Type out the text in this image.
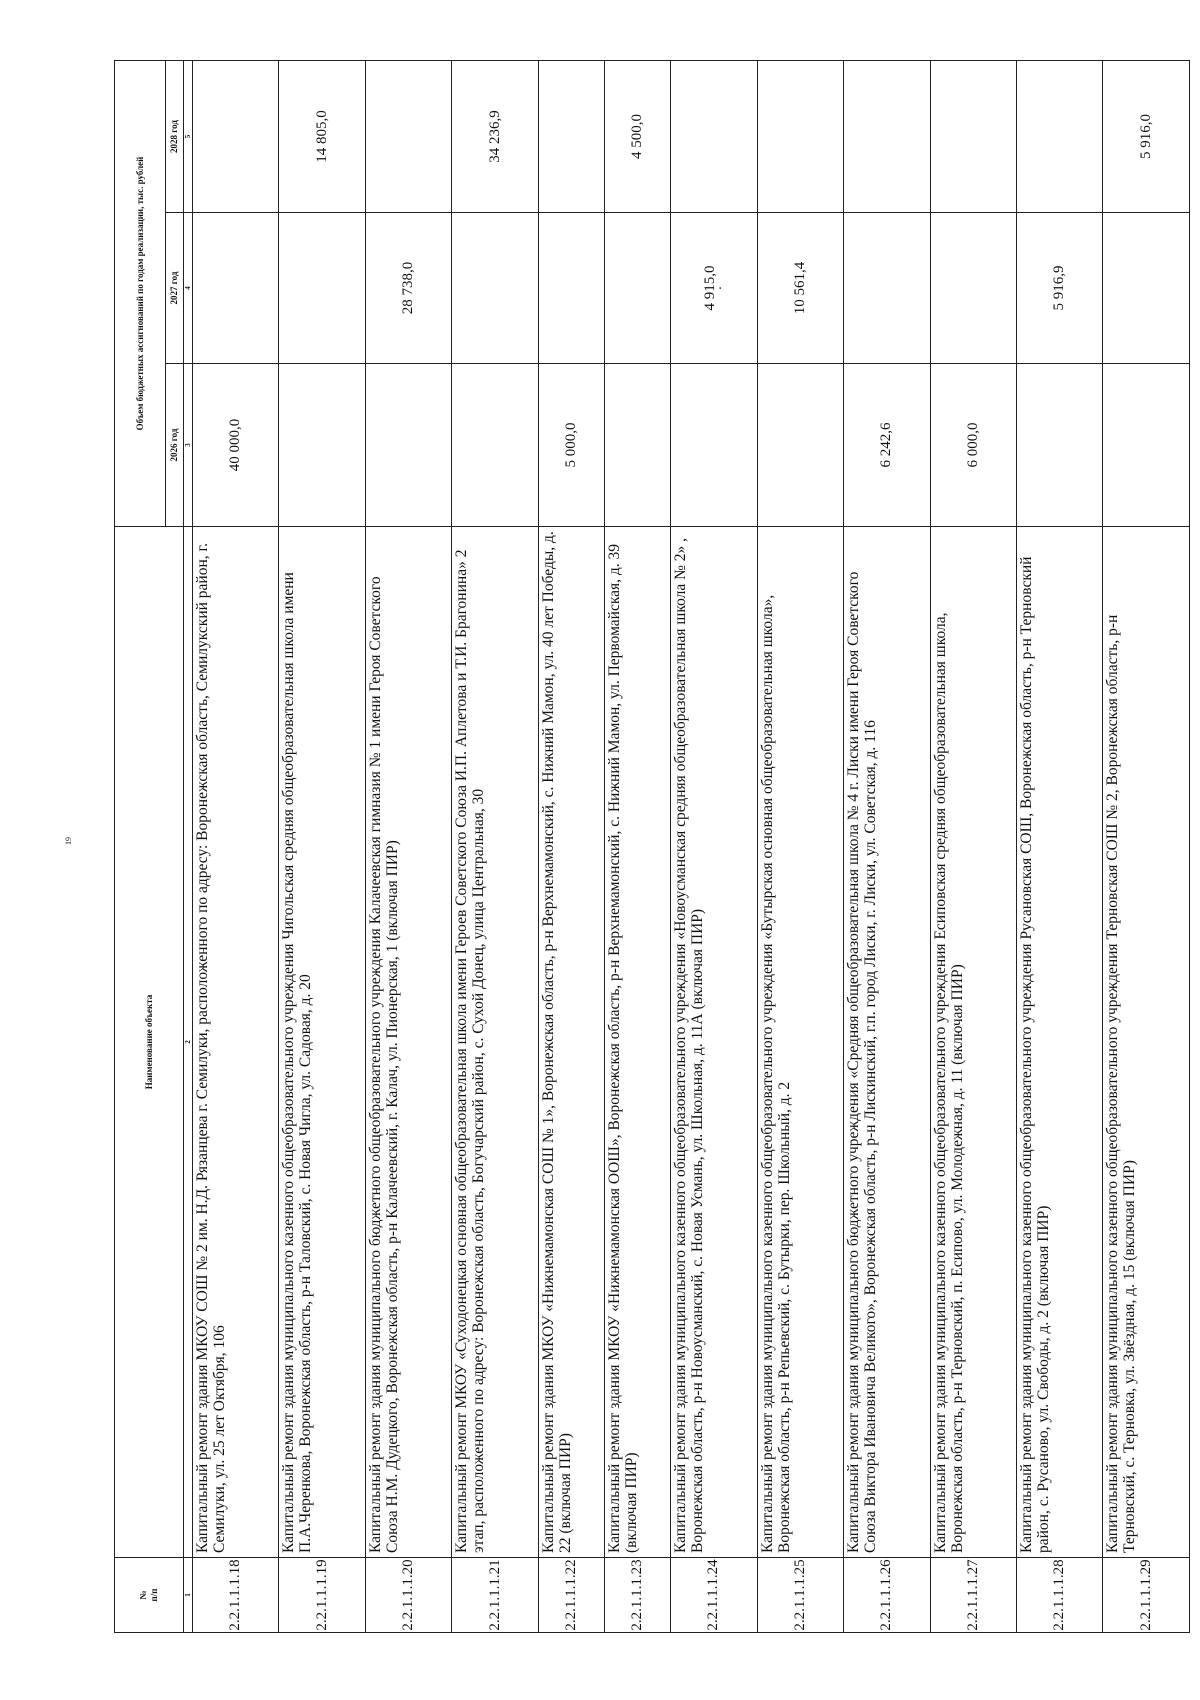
19
№
п/п	Наименование объекта	Объем бюджетных ассигнований по годам реализации, тыс. рублей		
		2026 год	2027 год	2028 год
1	2	3	4	5
2.2.1.1.1.18	Капитальный ремонт здания МКОУ СОШ № 2 им. Н.Д. Рязанцева г. Семилуки, расположенного по адресу: Воронежская область, Семилукский район, г. Семилуки, ул. 25 лет Октября, 106	40 000,0		
2.2.1.1.1.19	Капитальный ремонт здания муниципального казенного общеобразовательного учреждения Чигольская средняя общеобразовательная школа имени П.А.Черенкова, Воронежская область, р-н Таловский, с. Новая Чигла, ул. Садовая, д. 20			14 805,0
2.2.1.1.1.20	Капитальный ремонт здания муниципального бюджетного общеобразовательного учреждения Калачеевская гимназия № 1 имени Героя Советского Союза Н.М. Дудецкого, Воронежская область, р-н Калачеевский, г. Калач, ул. Пионерская, 1 (включая ПИР)		28 738,0	
2.2.1.1.1.21	Капитальный ремонт МКОУ «Суходонецкая основная общеобразовательная школа имени Героев Советского Союза И.П. Аплетова и Т.И. Брагонина» 2 этап, расположенного по адресу: Воронежская область, Богучарский район, с. Сухой Донец, улица Центральная, 30			34 236,9
2.2.1.1.1.22	Капитальный ремонт здания МКОУ «Нижнемамонская СОШ № 1», Воронежская область, р-н Верхнемамонский, с. Нижний Мамон, ул. 40 лет Победы, д. 22 (включая ПИР)	5 000,0		
2.2.1.1.1.23	Капитальный ремонт здания МКОУ «Нижнемамонская ООШ», Воронежская область, р-н Верхнемамонский, с. Нижний Мамон, ул. Первомайская, д. 39 (включая ПИР)			4 500,0
2.2.1.1.1.24	Капитальный ремонт здания муниципального казенного общеобразовательного учреждения «Новоусманская средняя общеобразовательная школа № 2» , Воронежская область, р-н Новоусманский, с. Новая Усмань, ул. Школьная, д. 11А (включая ПИР)		4 915,0
·	

2.2.1.1.1.25	Капитальный ремонт здания муниципального казенного общеобразовательного учреждения «Бутырская основная общеобразовательная школа», Воронежская область, р-н Репьевский, с. Бутырки, пер. Школьный, д. 2		10 561,4	
2.2.1.1.1.26	Капитальный ремонт здания муниципального бюджетного учреждения «Средняя общеобразовательная школа № 4 г. Лиски имени Героя Советского Союза Виктора Ивановича Великого», Воронежская область, р-н Лискинский, г.п. город Лиски, г. Лиски, ул. Советская, д. 116	6 242,6		
2.2.1.1.1.27	Капитальный ремонт здания муниципального казенного общеобразовательного учреждения Есиповская средняя общеобразовательная школа, Воронежская область, р-н Терновский, п. Есипово, ул. Молодежная, д. 11 (включая ПИР)	6 000,0		
2.2.1.1.1.28	Капитальный ремонт здания муниципального казенного общеобразовательного учреждения Русановская СОШ, Воронежская область, р-н Терновский район, с. Русаново, ул. Свободы, д. 2 (включая ПИР)		5 916,9	
2.2.1.1.1.29	Капитальный ремонт здания муниципального казенного общеобразовательного учреждения Терновская СОШ № 2, Воронежская область, р-н Терновский, с. Терновка, ул. Звёздная, д. 15 (включая ПИР)			5 916,0
